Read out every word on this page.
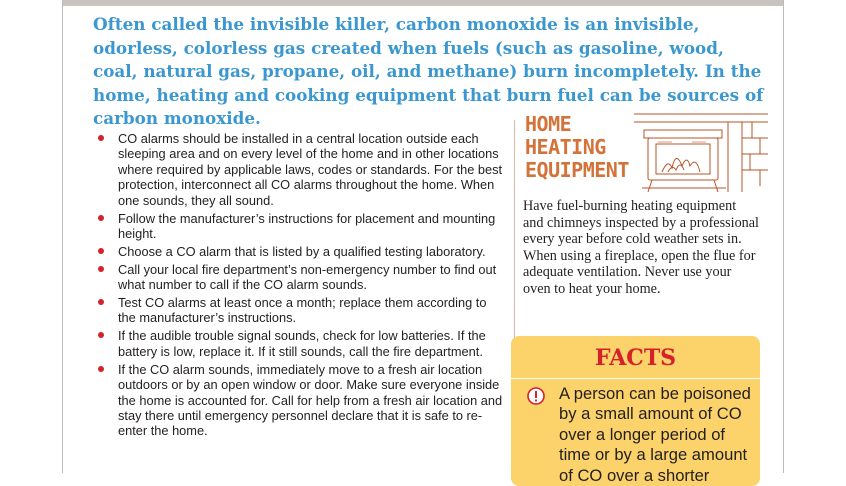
Often called the invisible killer, carbon monoxide is an invisible, odorless, colorless gas created when fuels (such as gasoline, wood, coal, natural gas, propane, oil, and methane) burn incompletely. In the home, heating and cooking equipment that burn fuel can be sources of carbon monoxide.

CO alarms should be installed in a central location outside each sleeping area and on every level of the home and in other locations where required by applicable laws, codes or standards. For the best protection, interconnect all CO alarms throughout the home. When one sounds, they all sound.
Follow the manufacturer’s instructions for placement and mounting height.
Choose a CO alarm that is listed by a qualified testing laboratory.
Call your local fire department’s non-emergency number to find out what number to call if the CO alarm sounds.
Test CO alarms at least once a month; replace them according to the manufacturer’s instructions.
If the audible trouble signal sounds, check for low batteries. If the battery is low, replace it. If it still sounds, call the fire department.
If the CO alarm sounds, immediately move to a fresh air location outdoors or by an open window or door. Make sure everyone inside the home is accounted for. Call for help from a fresh air location and stay there until emergency personnel declare that it is safe to re-enter the home.
HOME
HEATING
EQUIPMENT

Have fuel-burning heating equipment and chimneys inspected by a professional every year before cold weather sets in. When using a fireplace, open the flue for adequate ventilation. Never use your oven to heat your home.

FACTS

A person can be poisoned by a small amount of CO over a longer period of time or by a large amount of CO over a shorter
